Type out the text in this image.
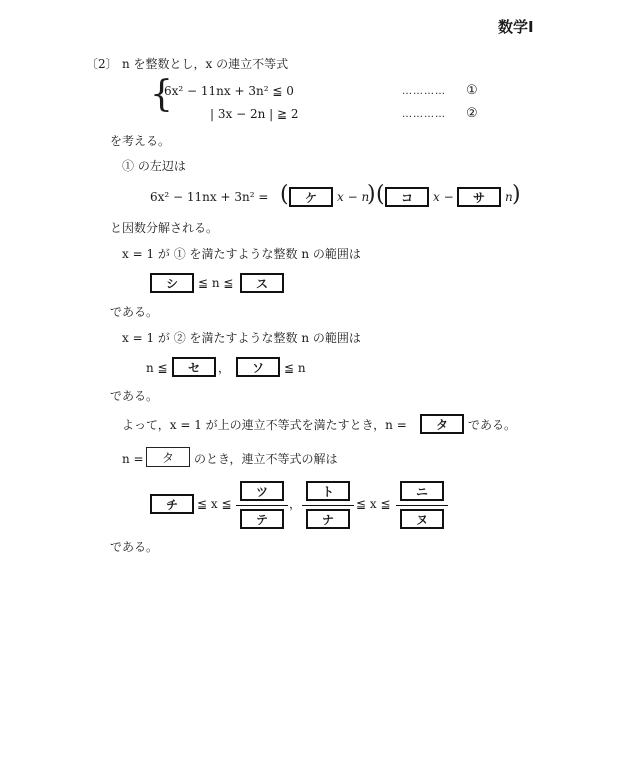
数学Ⅰ
〔2〕 n を整数とし，x の連立不等式
{
6x² − 11nx + 3n² ≦ 0	………… ①
| 3x − 2n | ≧ 2	………… ②
を考える。
① の左辺は
6x² − 11nx + 3n² = (	ケ	x − n
) (	コ	x −	サ	n )
と因数分解される。
x = 1 が ① を満たすような整数 n の範囲は
シ	≦ n ≦	ス
である。
x = 1 が ② を満たすような整数 n の範囲は
n ≦	セ	，	ソ	≦ n
である。
よって，x = 1 が上の連立不等式を満たすとき，n =	タ	である。
n =	タ	のとき，連立不等式の解は
チ	≦ x ≦
ツ
テ
，
ト
ナ
≦ x ≦
ニ
ヌ
である。
